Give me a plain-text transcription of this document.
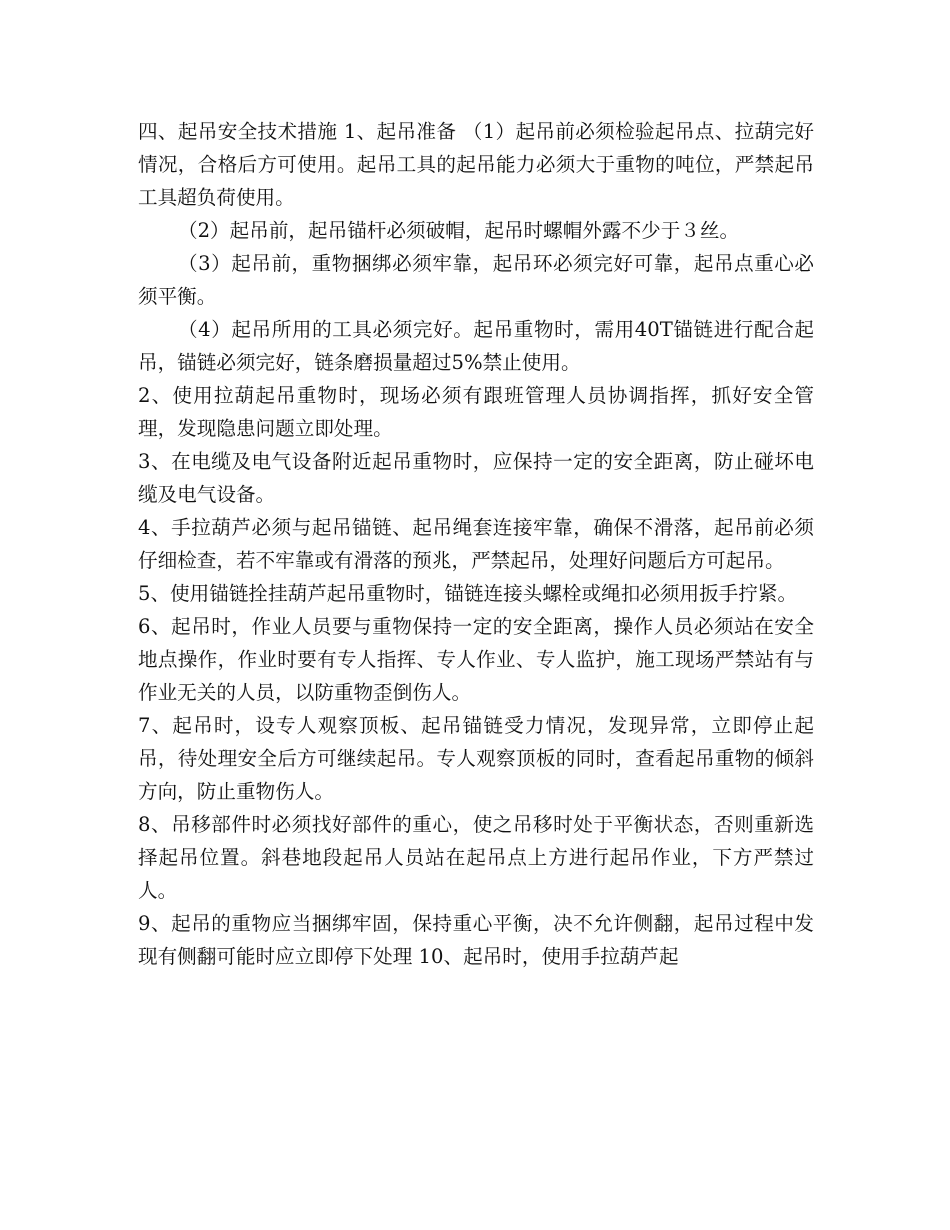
四、起吊安全技术措施 1、起吊准备 （1）起吊前必须检验起吊点、拉葫完好情况，合格后方可使用。起吊工具的起吊能力必须大于重物的吨位，严禁起吊工具超负荷使用。

（2）起吊前，起吊锚杆必须破帽，起吊时螺帽外露不少于３丝。

（3）起吊前，重物捆绑必须牢靠，起吊环必须完好可靠，起吊点重心必须平衡。

（4）起吊所用的工具必须完好。起吊重物时，需用40T锚链进行配合起吊，锚链必须完好，链条磨损量超过5%禁止使用。

2、使用拉葫起吊重物时，现场必须有跟班管理人员协调指挥，抓好安全管理，发现隐患问题立即处理。

3、在电缆及电气设备附近起吊重物时，应保持一定的安全距离，防止碰坏电缆及电气设备。

4、手拉葫芦必须与起吊锚链、起吊绳套连接牢靠，确保不滑落，起吊前必须仔细检查，若不牢靠或有滑落的预兆，严禁起吊，处理好问题后方可起吊。

5、使用锚链拴挂葫芦起吊重物时，锚链连接头螺栓或绳扣必须用扳手拧紧。

6、起吊时，作业人员要与重物保持一定的安全距离，操作人员必须站在安全地点操作，作业时要有专人指挥、专人作业、专人监护，施工现场严禁站有与作业无关的人员，以防重物歪倒伤人。

7、起吊时，设专人观察顶板、起吊锚链受力情况，发现异常，立即停止起吊，待处理安全后方可继续起吊。专人观察顶板的同时，查看起吊重物的倾斜方向，防止重物伤人。

8、吊移部件时必须找好部件的重心，使之吊移时处于平衡状态，否则重新选择起吊位置。斜巷地段起吊人员站在起吊点上方进行起吊作业，下方严禁过人。

9、起吊的重物应当捆绑牢固，保持重心平衡，决不允许侧翻，起吊过程中发现有侧翻可能时应立即停下处理 10、起吊时，使用手拉葫芦起
